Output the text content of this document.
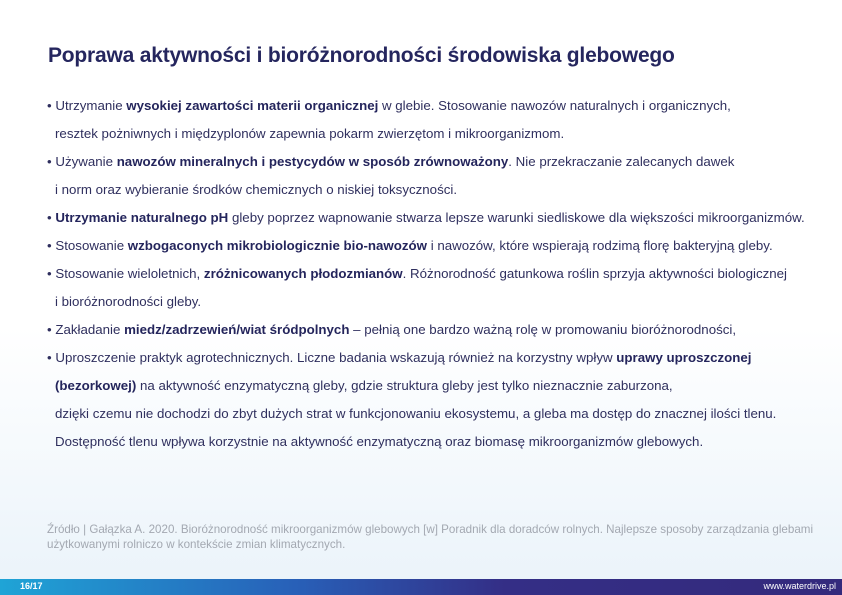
Poprawa aktywności i bioróżnorodności środowiska glebowego
• Utrzymanie wysokiej zawartości materii organicznej w glebie. Stosowanie nawozów naturalnych i organicznych,
resztek pożniwnych i międzyplonów zapewnia pokarm zwierzętom i mikroorganizmom.
• Używanie nawozów mineralnych i pestycydów w sposób zrównoważony. Nie przekraczanie zalecanych dawek
i norm oraz wybieranie środków chemicznych o niskiej toksyczności.
• Utrzymanie naturalnego pH gleby poprzez wapnowanie stwarza lepsze warunki siedliskowe dla większości mikroorganizmów.
• Stosowanie wzbogaconych mikrobiologicznie bio-nawozów i nawozów, które wspierają rodzimą florę bakteryjną gleby.
• Stosowanie wieloletnich, zróżnicowanych płodozmianów. Różnorodność gatunkowa roślin sprzyja aktywności biologicznej
i bioróżnorodności gleby.
• Zakładanie miedz/zadrzewień/wiat śródpolnych – pełnią one bardzo ważną rolę w promowaniu bioróżnorodności,
• Uproszczenie praktyk agrotechnicznych. Liczne badania wskazują również na korzystny wpływ uprawy uproszczonej
(bezorkowej) na aktywność enzymatyczną gleby, gdzie struktura gleby jest tylko nieznacznie zaburzona,
dzięki czemu nie dochodzi do zbyt dużych strat w funkcjonowaniu ekosystemu, a gleba ma dostęp do znacznej ilości tlenu.
Dostępność tlenu wpływa korzystnie na aktywność enzymatyczną oraz biomasę mikroorganizmów glebowych.
Źródło | Gałązka A. 2020. Bioróżnorodność mikroorganizmów glebowych [w] Poradnik dla doradców rolnych. Najlepsze sposoby zarządzania glebami użytkowanymi rolniczo w kontekście zmian klimatycznych.
16/17	www.waterdrive.pl
